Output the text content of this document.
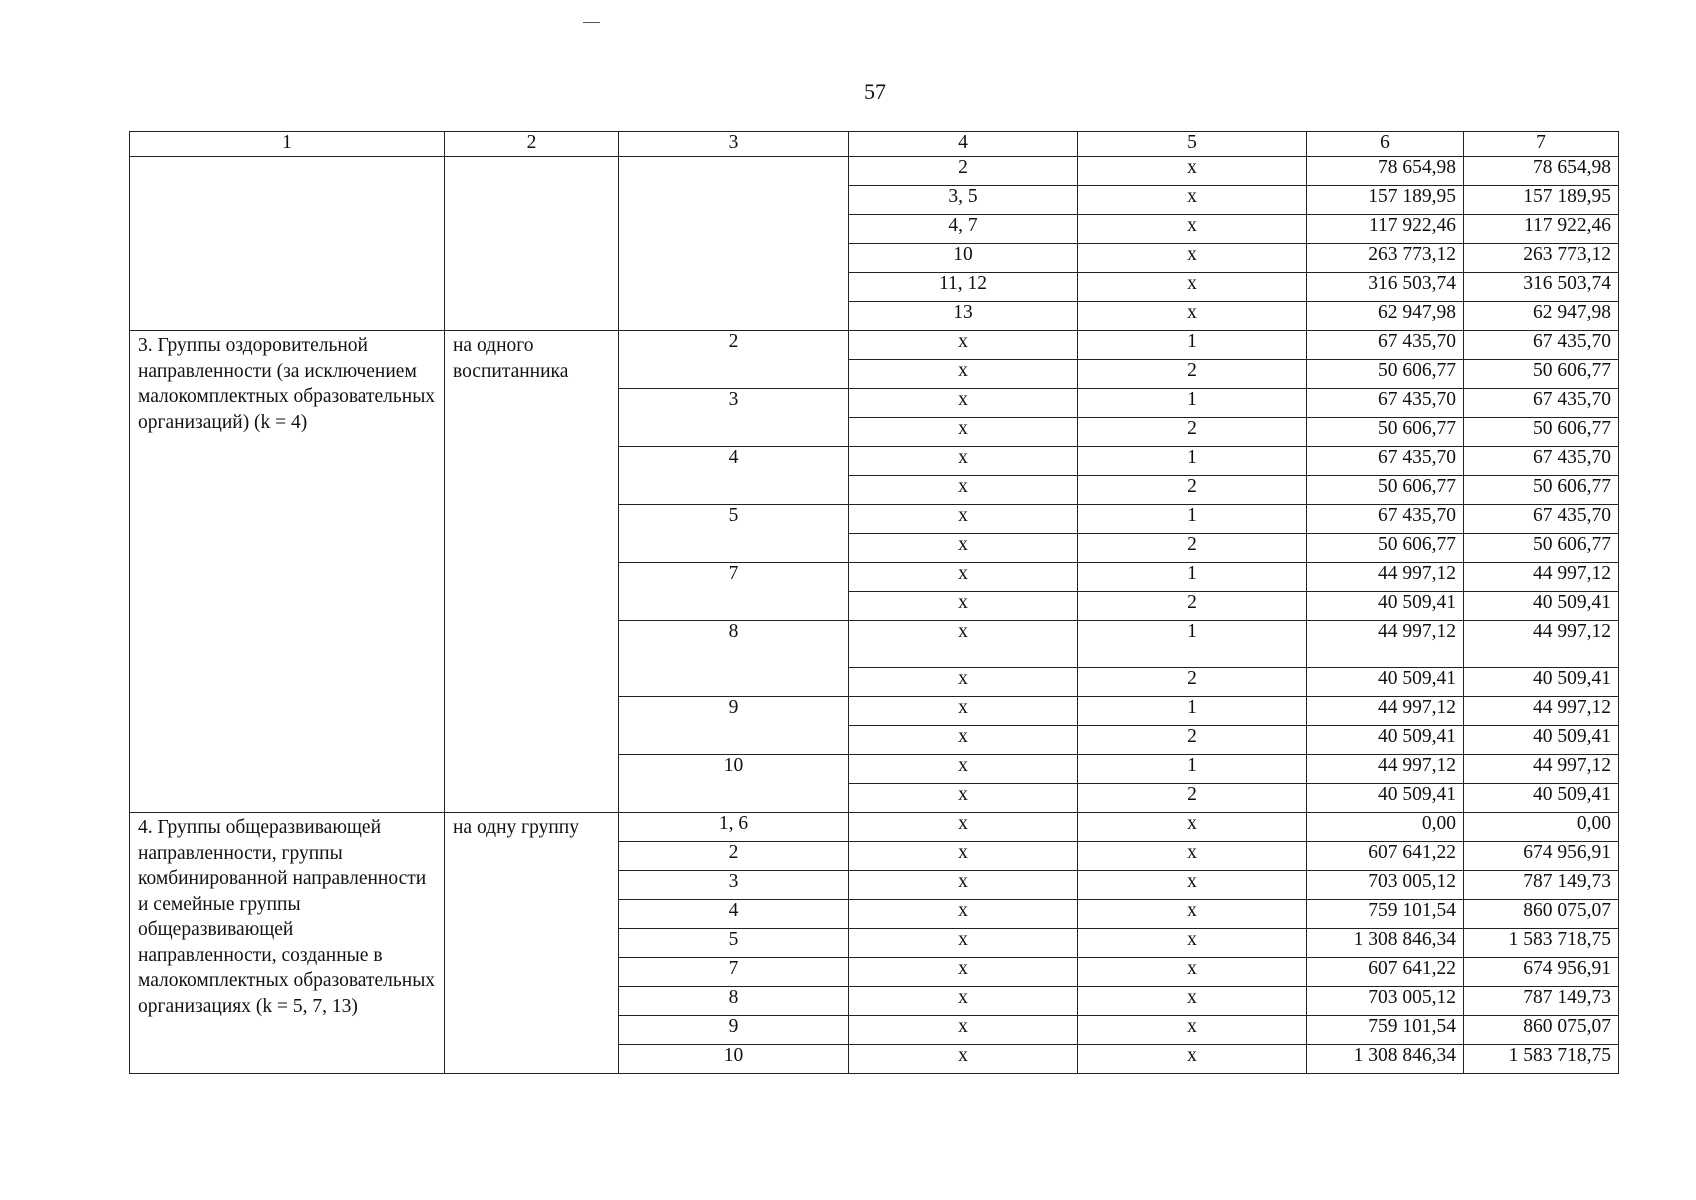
57
1	2	3	4	5	6	7
			2	х	78 654,98	78 654,98
			3, 5	х	157 189,95	157 189,95
			4, 7	х	117 922,46	117 922,46
			10	х	263 773,12	263 773,12
			11, 12	х	316 503,74	316 503,74
			13	х	62 947,98	62 947,98
3. Группы оздоровительной направленности (за исключением малокомплектных образовательных организаций) (k = 4)	на одного воспитанника	2	х	1	67 435,70	67 435,70
			х	2	50 606,77	50 606,77
		3	х	1	67 435,70	67 435,70
			х	2	50 606,77	50 606,77
		4	х	1	67 435,70	67 435,70
			х	2	50 606,77	50 606,77
		5	х	1	67 435,70	67 435,70
			х	2	50 606,77	50 606,77
		7	х	1	44 997,12	44 997,12
			х	2	40 509,41	40 509,41
		8	х	1	44 997,12	44 997,12
			х	2	40 509,41	40 509,41
		9	х	1	44 997,12	44 997,12
			х	2	40 509,41	40 509,41
		10	х	1	44 997,12	44 997,12
			х	2	40 509,41	40 509,41
4. Группы общеразвивающей направленности, группы комбинированной направленности и семейные группы общеразвивающей направленности, созданные в малокомплектных образовательных организациях (k = 5, 7, 13)	на одну группу	1, 6	х	х	0,00	0,00
		2	х	х	607 641,22	674 956,91
		3	х	х	703 005,12	787 149,73
		4	х	х	759 101,54	860 075,07
		5	х	х	1 308 846,34	1 583 718,75
		7	х	х	607 641,22	674 956,91
		8	х	х	703 005,12	787 149,73
		9	х	х	759 101,54	860 075,07
		10	х	х	1 308 846,34	1 583 718,75
